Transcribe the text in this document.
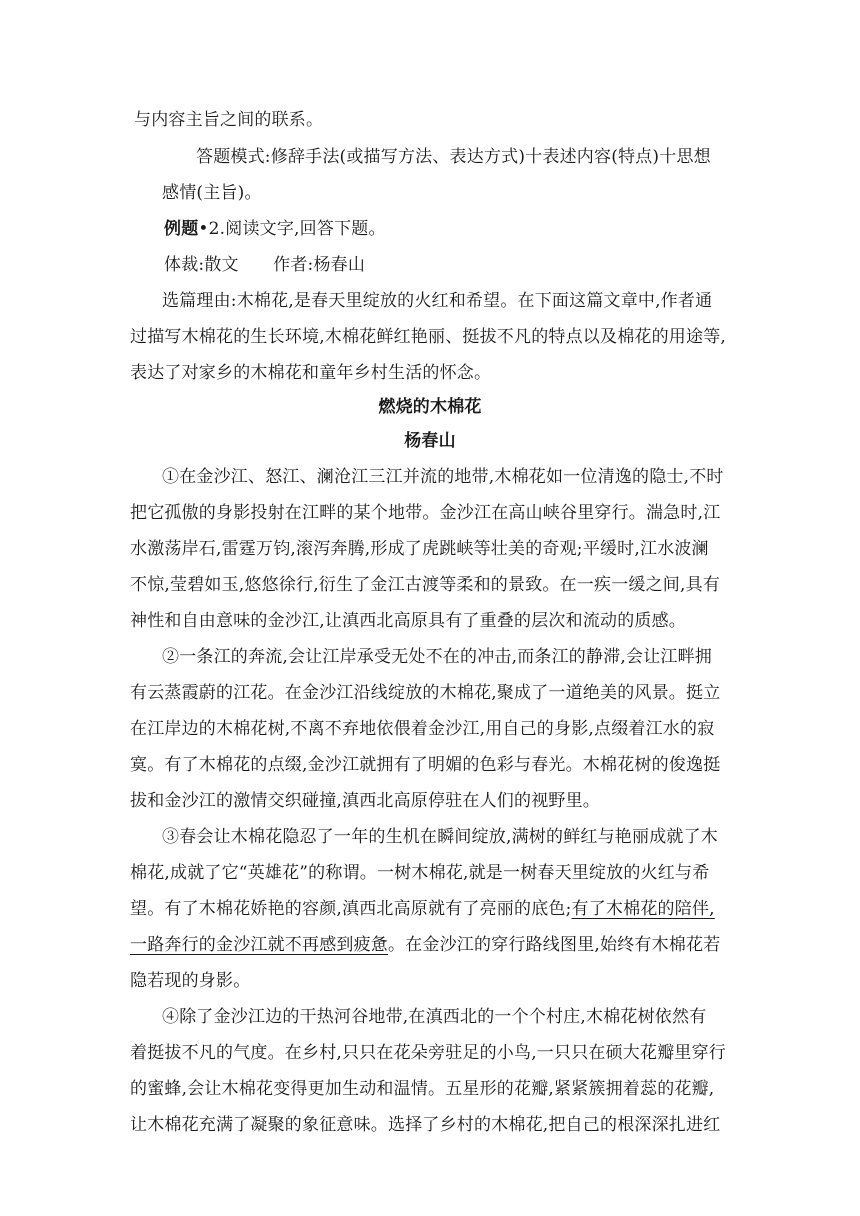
与内容主旨之间的联系。
答题模式:修辞手法(或描写方法、表达方式)十表述内容(特点)十思想
感情(主旨)。
例题•2.阅读文字,回答下题。
体裁:散文　　作者:杨春山
选篇理由:木棉花,是春天里绽放的火红和希望。在下面这篇文章中,作者通
过描写木棉花的生长环境,木棉花鲜红艳丽、挺拔不凡的特点以及棉花的用途等,
表达了对家乡的木棉花和童年乡村生活的怀念。
燃烧的木棉花
杨春山
①在金沙江、怒江、澜沧江三江并流的地带,木棉花如一位清逸的隐士,不时
把它孤傲的身影投射在江畔的某个地带。金沙江在高山峡谷里穿行。湍急时,江
水激荡岸石,雷霆万钧,滚泻奔腾,形成了虎跳峡等壮美的奇观;平缓时,江水波澜
不惊,莹碧如玉,悠悠徐行,衍生了金江古渡等柔和的景致。在一疾一缓之间,具有
神性和自由意味的金沙江,让滇西北高原具有了重叠的层次和流动的质感。
②一条江的奔流,会让江岸承受无处不在的冲击,而条江的静滞,会让江畔拥
有云蒸霞蔚的江花。在金沙江沿线绽放的木棉花,聚成了一道绝美的风景。挺立
在江岸边的木棉花树,不离不弃地依偎着金沙江,用自己的身影,点缀着江水的寂
寞。有了木棉花的点缀,金沙江就拥有了明媚的色彩与春光。木棉花树的俊逸挺
拔和金沙江的激情交织碰撞,滇西北高原停驻在人们的视野里。
③春会让木棉花隐忍了一年的生机在瞬间绽放,满树的鲜红与艳丽成就了木
棉花,成就了它“英雄花”的称谓。一树木棉花,就是一树春天里绽放的火红与希
望。有了木棉花娇艳的容颜,滇西北高原就有了亮丽的底色;有了木棉花的陪伴,
一路奔行的金沙江就不再感到疲惫。在金沙江的穿行路线图里,始终有木棉花若
隐若现的身影。
④除了金沙江边的干热河谷地带,在滇西北的一个个村庄,木棉花树依然有
着挺拔不凡的气度。在乡村,只只在花朵旁驻足的小鸟,一只只在硕大花瓣里穿行
的蜜蜂,会让木棉花变得更加生动和温情。五星形的花瓣,紧紧簇拥着蕊的花瓣,
让木棉花充满了凝聚的象征意味。选择了乡村的木棉花,把自己的根深深扎进红
